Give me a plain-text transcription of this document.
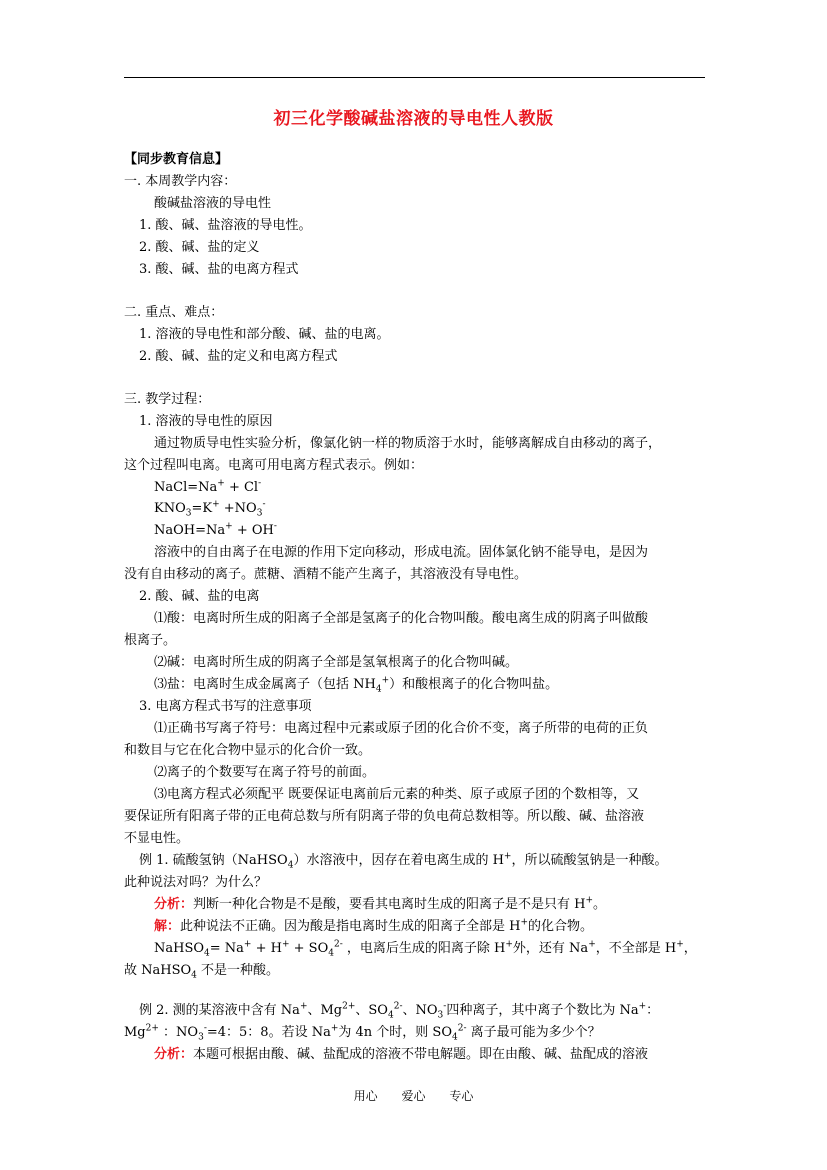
初三化学酸碱盐溶液的导电性人教版
【同步教育信息】
一. 本周教学内容：
酸碱盐溶液的导电性
1. 酸、碱、盐溶液的导电性。
2. 酸、碱、盐的定义
3. 酸、碱、盐的电离方程式
二. 重点、难点：
1. 溶液的导电性和部分酸、碱、盐的电离。
2. 酸、碱、盐的定义和电离方程式
三. 教学过程：
1. 溶液的导电性的原因
通过物质导电性实验分析，像氯化钠一样的物质溶于水时，能够离解成自由移动的离子，
这个过程叫电离。电离可用电离方程式表示。例如：
NaCl=Na+ + Cl-
$KNO_3=K^+ +NO_3^-$
NaOH=Na+ + OH-
溶液中的自由离子在电源的作用下定向移动，形成电流。固体氯化钠不能导电，是因为
没有自由移动的离子。蔗糖、酒精不能产生离子，其溶液没有导电性。
2. 酸、碱、盐的电离
⑴酸：电离时所生成的阳离子全部是氢离子的化合物叫酸。酸电离生成的阴离子叫做酸
根离子。
⑵碱：电离时所生成的阴离子全部是氢氧根离子的化合物叫碱。
⑶盐：电离时生成金属离子（包括 $NH_4^+$）和酸根离子的化合物叫盐。
3. 电离方程式书写的注意事项
⑴正确书写离子符号：电离过程中元素或原子团的化合价不变，离子所带的电荷的正负
和数目与它在化合物中显示的化合价一致。
⑵离子的个数要写在离子符号的前面。
⑶电离方程式必须配平 既要保证电离前后元素的种类、原子或原子团的个数相等，又
要保证所有阳离子带的正电荷总数与所有阴离子带的负电荷总数相等。所以酸、碱、盐溶液
不显电性。
例 1. 硫酸氢钠（NaHSO$_4$）水溶液中，因存在着电离生成的 H+，所以硫酸氢钠是一种酸。
此种说法对吗？为什么？
分析：判断一种化合物是不是酸，要看其电离时生成的阳离子是不是只有 H+。
解：此种说法不正确。因为酸是指电离时生成的阳离子全部是 H+的化合物。
NaHSO$_4$= $Na^+ + H^+ + SO_4^{2-}$ ，电离后生成的阳离子除 H+外，还有 Na+，不全部是 H+，
故 NaHSO$_4$ 不是一种酸。
例 2. 测的某溶液中含有 Na+、$Mg^{2+}$、$SO_4^{2-}$、$NO_3^-$四种离子，其中离子个数比为 Na+：
$Mg^{2+}$ ：$NO_3^-=4$：5：8。若设 Na+为 4n 个时，则 $SO_4^{2-}$ 离子最可能为多少个？
分析：本题可根据由酸、碱、盐配成的溶液不带电解题。即在由酸、碱、盐配成的溶液
用心 爱心 专心
